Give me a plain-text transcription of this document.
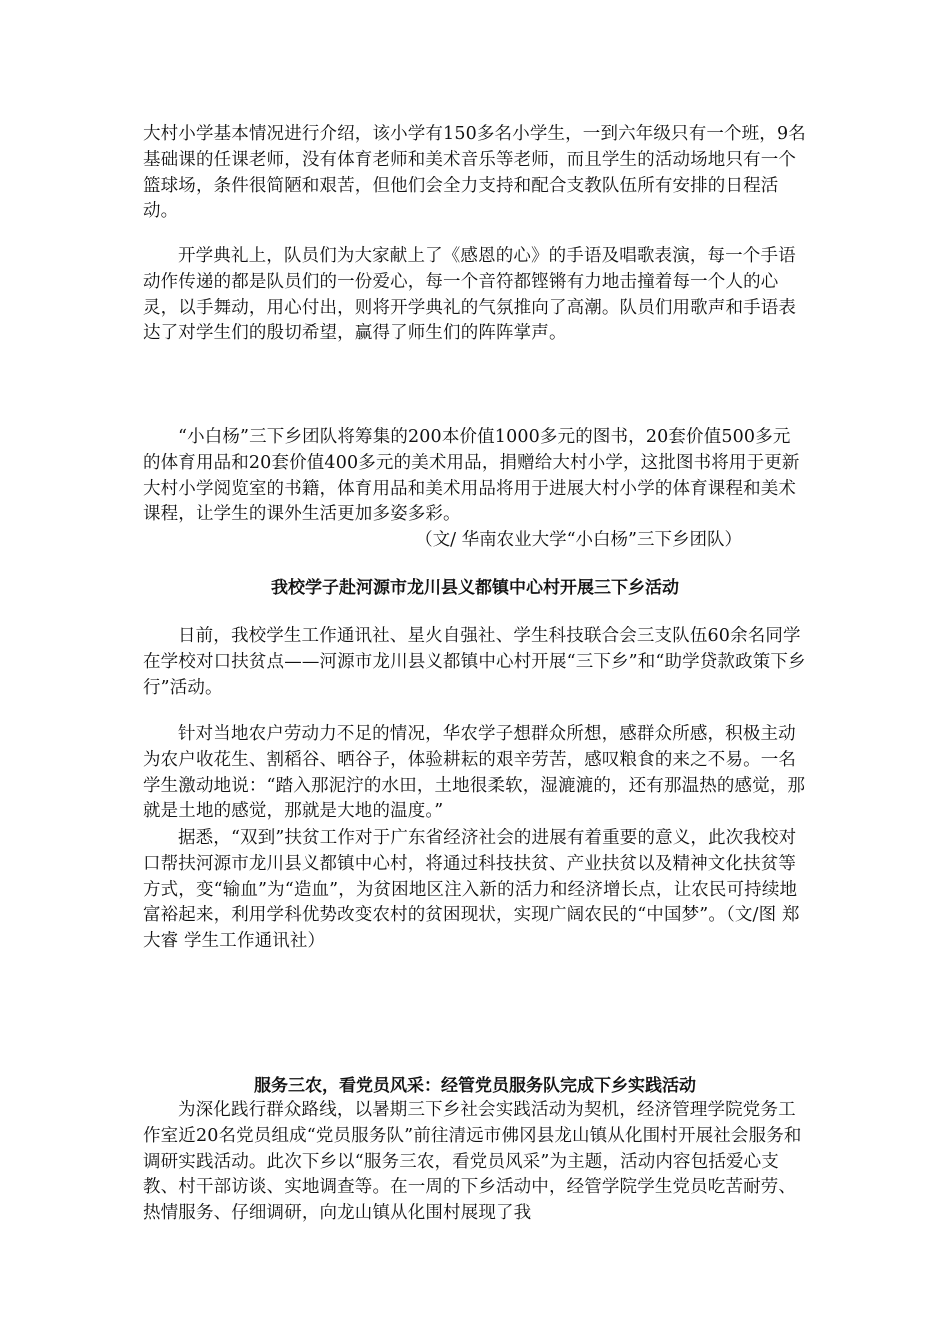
大村小学基本情况进行介绍，该小学有150多名小学生，一到六年级只有一个班，9名基础课的任课老师，没有体育老师和美术音乐等老师，而且学生的活动场地只有一个篮球场，条件很简陋和艰苦，但他们会全力支持和配合支教队伍所有安排的日程活动。

开学典礼上，队员们为大家献上了《感恩的心》的手语及唱歌表演，每一个手语动作传递的都是队员们的一份爱心，每一个音符都铿锵有力地击撞着每一个人的心灵，以手舞动，用心付出，则将开学典礼的气氛推向了高潮。队员们用歌声和手语表达了对学生们的殷切希望，赢得了师生们的阵阵掌声。

“小白杨”三下乡团队将筹集的200本价值1000多元的图书，20套价值500多元的体育用品和20套价值400多元的美术用品，捐赠给大村小学，这批图书将用于更新大村小学阅览室的书籍，体育用品和美术用品将用于进展大村小学的体育课程和美术课程，让学生的课外生活更加多姿多彩。

（文/ 华南农业大学“小白杨”三下乡团队）
我校学子赴河源市龙川县义都镇中心村开展三下乡活动

日前，我校学生工作通讯社、星火自强社、学生科技联合会三支队伍60余名同学在学校对口扶贫点——河源市龙川县义都镇中心村开展“三下乡”和“助学贷款政策下乡行”活动。

针对当地农户劳动力不足的情况，华农学子想群众所想，感群众所感，积极主动为农户收花生、割稻谷、晒谷子，体验耕耘的艰辛劳苦，感叹粮食的来之不易。一名学生激动地说：“踏入那泥泞的水田，土地很柔软，湿漉漉的，还有那温热的感觉，那就是土地的感觉，那就是大地的温度。”

据悉，“双到”扶贫工作对于广东省经济社会的进展有着重要的意义，此次我校对口帮扶河源市龙川县义都镇中心村，将通过科技扶贫、产业扶贫以及精神文化扶贫等方式，变“输血”为“造血”，为贫困地区注入新的活力和经济增长点，让农民可持续地富裕起来，利用学科优势改变农村的贫困现状，实现广阔农民的“中国梦”。（文/图 郑大睿 学生工作通讯社）

服务三农，看党员风采：经管党员服务队完成下乡实践活动

为深化践行群众路线，以暑期三下乡社会实践活动为契机，经济管理学院党务工作室近20名党员组成“党员服务队”前往清远市佛冈县龙山镇从化围村开展社会服务和调研实践活动。此次下乡以“服务三农，看党员风采”为主题，活动内容包括爱心支教、村干部访谈、实地调查等。在一周的下乡活动中，经管学院学生党员吃苦耐劳、热情服务、仔细调研，向龙山镇从化围村展现了我
